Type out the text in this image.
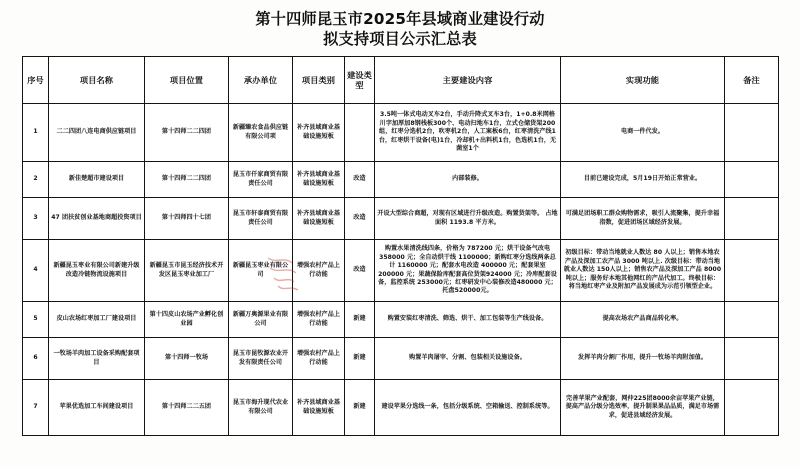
第十四师昆玉市2025年县域商业建设行动
拟支持项目公示汇总表
序号	项目名称	项目位置	承办单位	项目类别	建设类型	主要建设内容	实现功能	备注
1	二二四团八连电商供应链项目	第十四师二二四团	新疆臻农食品供应链有限公司项	补齐县域商业基础设施短板		3.5吨一体式电动叉车2台，手动升降式叉车3台，1+0.8米网格川字加厚加8钢栈板300个、电动扫地车1台，立式仓储货架200组，红枣分选机2台，吹枣机2台，人工案板6台，红枣清洗产线1台，红枣烘干设备(电)1台，冷却机+出料机1台，色选机1台，无菌室1个	电商一件代发。	
2	新佳楚超市建设项目	第十四师二二四团	昆玉市仟家商贸有限责任公司	补齐县域商业基础设施短板	改造	内部装修。	目前已建设完成，5月19日开始正常营业。	
3	47 团扶贫创业基地商超投资项目	第十四师四十七团	昆玉市轩泰商贸有限责任公司	补齐县域商业基础设施短板	改造	开设大型综合商超，对现有区域进行升级改造。购置货架等。 占地面积 1193.8 平方米。	可满足团场职工群众购物需求，吸引人流聚集，提升幸福指数，促进团场区域经济发展。	
4	新疆昆玉枣业有限公司新建升级改造冷链物流设施项目	新疆昆玉市昆玉经济技术开发区昆玉枣业加工厂	新疆昆玉枣业有限公司	增强农村产品上行动能	改造	购置水果清洗线四条，价格为 787200 元；烘干设备气改电 358000 元；全自动烘干线 1100000；新购红枣分选线两条总计 1160000 元；配套水电改造 400000 元；配套果室 200000 元；果蔬保险库配套高位货架924000 元；冷库配套设备，监控系统 253000元；红枣研发中心装修改造480000 元；托盘520000元。	初级目标：带动当地就业人数达 80 人以上；销售本地农产品及深加工农产品 3000 吨以上. 次级目标：带动当地就业人数达 150人以上；销售农产品及深加工产品 8000 吨以上；服务好本地其他网红的产品代加工。终极目标：将当地红枣产业及附加产品发展成为示范引领型企业。	
5	皮山农场红枣加工厂建设项目	第十四皮山农场产业孵化创业园	新疆万奥源果业有限公司	增强农村产品上行动能	新建	购置安装红枣清洗、筛选、烘干、加工包装等生产线设备。	提高农场农产品商品转化率。	
6	一牧场羊肉加工设备采购配套项目	第十四师一牧场	昆玉市昆牧源农业开发有限责任公司	增强农村产品上行动能	新建	购置羊肉屠宰、分割、包装相关设施设备。	发挥羊肉分割厂作用，提升一牧场羊肉附加值。	
7	苹果优选加工车间建设项目	第十四师二二五团	昆玉市海升现代农业有限公司	补齐县域商业基础设施短板	新建	建设苹果分选线一条，包括分级系统、空箱输送、控制系统等。	完善苹果产业配套，网仲225团8000余亩苹果产业链，提高产品分级分选效率，提升制果果品品质，满足市场需求，促进县域经济发展。	
